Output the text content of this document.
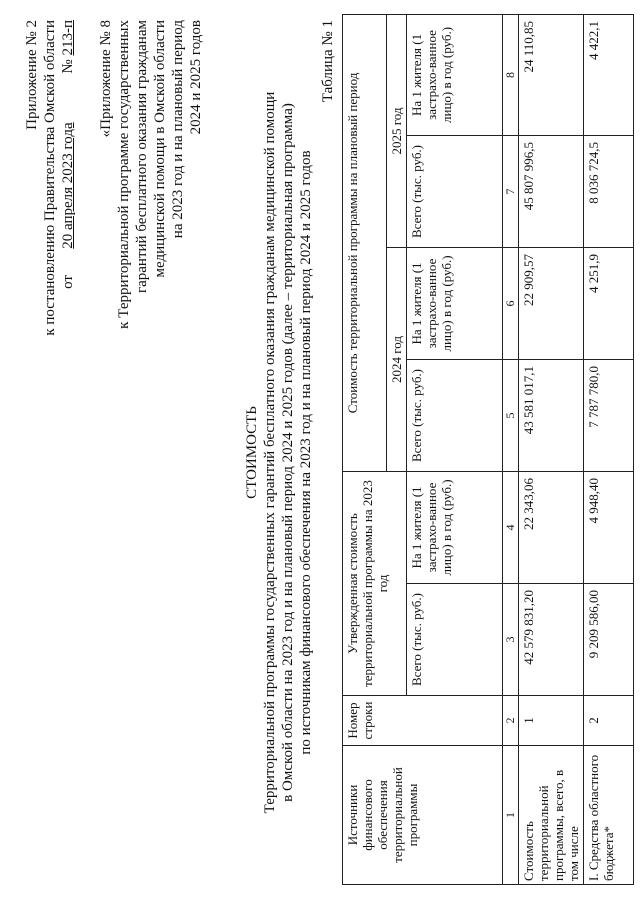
Приложение № 2 к постановлению Правительства Омской области от       20 апреля 2023 года             № 213-п «Приложение № 8 к Территориальной программе государственных гарантий бесплатного оказания гражданам медицинской помощи в Омской области на 2023 год и на плановый период 2024 и 2025 годов
СТОИМОСТЬ Территориальной программы государственных гарантий бесплатного оказания гражданам медицинской помощи в Омской области на 2023 год и на плановый период 2024 и 2025 годов (далее – территориальная программа) по источникам финансового обеспечения на 2023 год и на плановый период 2024 и 2025 годов
Таблица № 1
Источники финансового обеспечения территориальной программы	Номер строки	Утвержденная стоимость территориальной программы на 2023 год		Стоимость территориальной программы на плановый период			
				2024 год		2025 год	
		Всего (тыс. руб.)	На 1 жителя (1 застрахо-ванное лицо) в год (руб.)	Всего (тыс. руб.)	На 1 жителя (1 застрахо-ванное лицо) в год (руб.)	Всего (тыс. руб.)	На 1 жителя (1 застрахо-ванное лицо) в год (руб.)
1	2	3	4	5	6	7	8
Стоимость территориальной программы, всего, в том числе	1	42 579 831,20	22 343,06	43 581 017,1	22 909,57	45 807 996,5	24 110,85
I. Средства областного бюджета*	2	9 209 586,00	4 948,40	7 787 780,0	4 251,9	8 036 724,5	4 422,1
